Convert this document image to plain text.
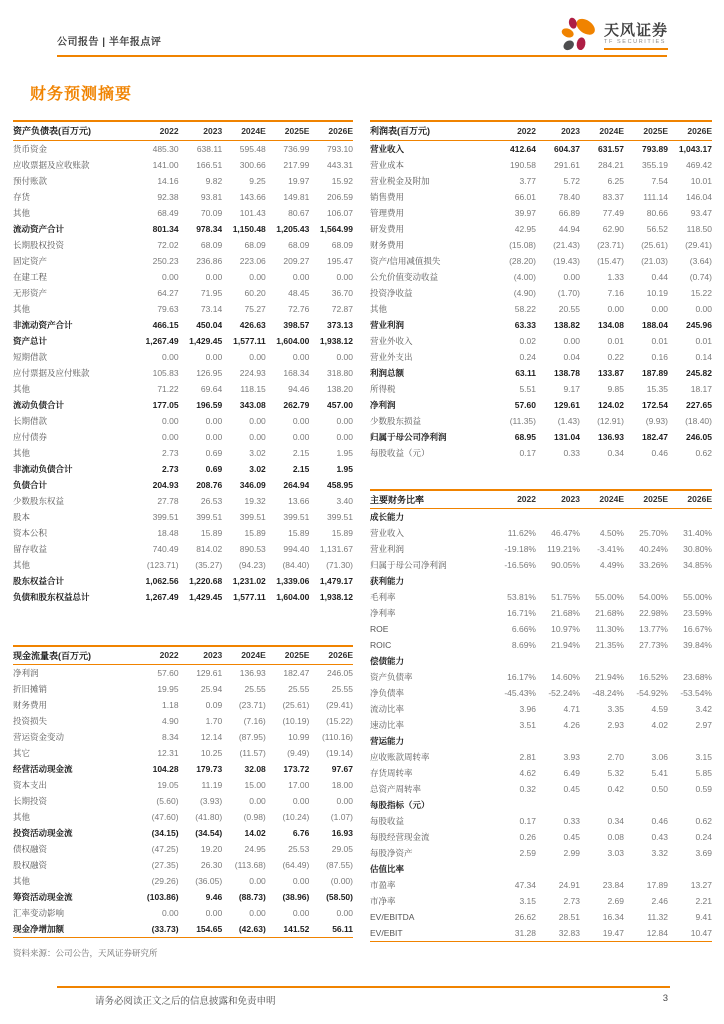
公司报告 | 半年报点评
天风证券
TF SECURITIES
财务预测摘要
资产负债表(百万元)	2022	2023	2024E	2025E	2026E
货币资金	485.30	638.11	595.48	736.99	793.10
应收票据及应收账款	141.00	166.51	300.66	217.99	443.31
预付账款	14.16	9.82	9.25	19.97	15.92
存货	92.38	93.81	143.66	149.81	206.59
其他	68.49	70.09	101.43	80.67	106.07
流动资产合计	801.34	978.34	1,150.48	1,205.43	1,564.99
长期股权投资	72.02	68.09	68.09	68.09	68.09
固定资产	250.23	236.86	223.06	209.27	195.47
在建工程	0.00	0.00	0.00	0.00	0.00
无形资产	64.27	71.95	60.20	48.45	36.70
其他	79.63	73.14	75.27	72.76	72.87
非流动资产合计	466.15	450.04	426.63	398.57	373.13
资产总计	1,267.49	1,429.45	1,577.11	1,604.00	1,938.12
短期借款	0.00	0.00	0.00	0.00	0.00
应付票据及应付账款	105.83	126.95	224.93	168.34	318.80
其他	71.22	69.64	118.15	94.46	138.20
流动负债合计	177.05	196.59	343.08	262.79	457.00
长期借款	0.00	0.00	0.00	0.00	0.00
应付债券	0.00	0.00	0.00	0.00	0.00
其他	2.73	0.69	3.02	2.15	1.95
非流动负债合计	2.73	0.69	3.02	2.15	1.95
负债合计	204.93	208.76	346.09	264.94	458.95
少数股东权益	27.78	26.53	19.32	13.66	3.40
股本	399.51	399.51	399.51	399.51	399.51
资本公积	18.48	15.89	15.89	15.89	15.89
留存收益	740.49	814.02	890.53	994.40	1,131.67
其他	(123.71)	(35.27)	(94.23)	(84.40)	(71.30)
股东权益合计	1,062.56	1,220.68	1,231.02	1,339.06	1,479.17
负债和股东权益总计	1,267.49	1,429.45	1,577.11	1,604.00	1,938.12
现金流量表(百万元)	2022	2023	2024E	2025E	2026E
净利润	57.60	129.61	136.93	182.47	246.05
折旧摊销	19.95	25.94	25.55	25.55	25.55
财务费用	1.18	0.09	(23.71)	(25.61)	(29.41)
投资损失	4.90	1.70	(7.16)	(10.19)	(15.22)
营运资金变动	8.34	12.14	(87.95)	10.99	(110.16)
其它	12.31	10.25	(11.57)	(9.49)	(19.14)
经营活动现金流	104.28	179.73	32.08	173.72	97.67
资本支出	19.05	11.19	15.00	17.00	18.00
长期投资	(5.60)	(3.93)	0.00	0.00	0.00
其他	(47.60)	(41.80)	(0.98)	(10.24)	(1.07)
投资活动现金流	(34.15)	(34.54)	14.02	6.76	16.93
债权融资	(47.25)	19.20	24.95	25.53	29.05
股权融资	(27.35)	26.30	(113.68)	(64.49)	(87.55)
其他	(29.26)	(36.05)	0.00	0.00	(0.00)
筹资活动现金流	(103.86)	9.46	(88.73)	(38.96)	(58.50)
汇率变动影响	0.00	0.00	0.00	0.00	0.00
现金净增加额	(33.73)	154.65	(42.63)	141.52	56.11
资料来源：公司公告，天风证券研究所
利润表(百万元)	2022	2023	2024E	2025E	2026E
营业收入	412.64	604.37	631.57	793.89	1,043.17
营业成本	190.58	291.61	284.21	355.19	469.42
营业税金及附加	3.77	5.72	6.25	7.54	10.01
销售费用	66.01	78.40	83.37	111.14	146.04
管理费用	39.97	66.89	77.49	80.66	93.47
研发费用	42.95	44.94	62.90	56.52	118.50
财务费用	(15.08)	(21.43)	(23.71)	(25.61)	(29.41)
资产/信用减值损失	(28.20)	(19.43)	(15.47)	(21.03)	(3.64)
公允价值变动收益	(4.00)	0.00	1.33	0.44	(0.74)
投资净收益	(4.90)	(1.70)	7.16	10.19	15.22
其他	58.22	20.55	0.00	0.00	0.00
营业利润	63.33	138.82	134.08	188.04	245.96
营业外收入	0.02	0.00	0.01	0.01	0.01
营业外支出	0.24	0.04	0.22	0.16	0.14
利润总额	63.11	138.78	133.87	187.89	245.82
所得税	5.51	9.17	9.85	15.35	18.17
净利润	57.60	129.61	124.02	172.54	227.65
少数股东损益	(11.35)	(1.43)	(12.91)	(9.93)	(18.40)
归属于母公司净利润	68.95	131.04	136.93	182.47	246.05
每股收益（元）	0.17	0.33	0.34	0.46	0.62
主要财务比率	2022	2023	2024E	2025E	2026E
成长能力					
营业收入	11.62%	46.47%	4.50%	25.70%	31.40%
营业利润	-19.18%	119.21%	-3.41%	40.24%	30.80%
归属于母公司净利润	-16.56%	90.05%	4.49%	33.26%	34.85%
获利能力					
毛利率	53.81%	51.75%	55.00%	54.00%	55.00%
净利率	16.71%	21.68%	21.68%	22.98%	23.59%
ROE	6.66%	10.97%	11.30%	13.77%	16.67%
ROIC	8.69%	21.94%	21.35%	27.73%	39.84%
偿债能力					
资产负债率	16.17%	14.60%	21.94%	16.52%	23.68%
净负债率	-45.43%	-52.24%	-48.24%	-54.92%	-53.54%
流动比率	3.96	4.71	3.35	4.59	3.42
速动比率	3.51	4.26	2.93	4.02	2.97
营运能力					
应收账款周转率	2.81	3.93	2.70	3.06	3.15
存货周转率	4.62	6.49	5.32	5.41	5.85
总资产周转率	0.32	0.45	0.42	0.50	0.59
每股指标（元）					
每股收益	0.17	0.33	0.34	0.46	0.62
每股经营现金流	0.26	0.45	0.08	0.43	0.24
每股净资产	2.59	2.99	3.03	3.32	3.69
估值比率					
市盈率	47.34	24.91	23.84	17.89	13.27
市净率	3.15	2.73	2.69	2.46	2.21
EV/EBITDA	26.62	28.51	16.34	11.32	9.41
EV/EBIT	31.28	32.83	19.47	12.84	10.47
请务必阅读正文之后的信息披露和免责申明	3
